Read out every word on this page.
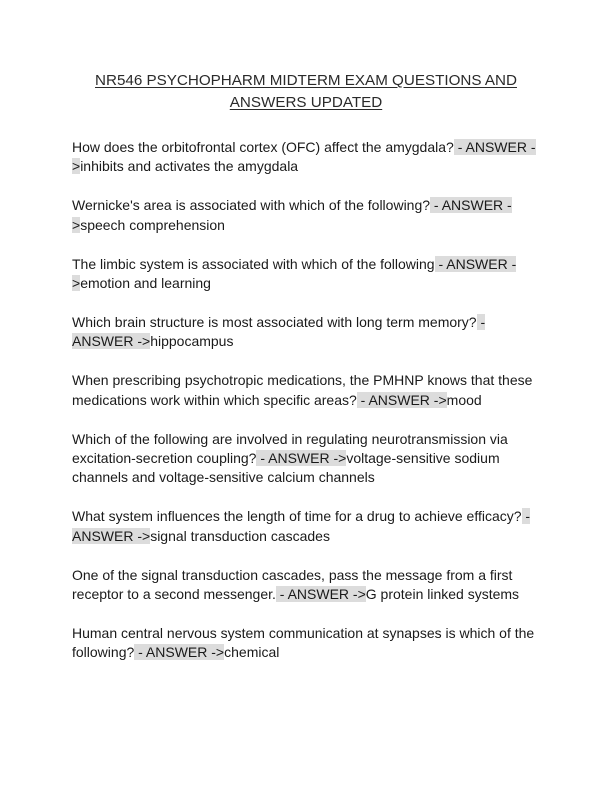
NR546 PSYCHOPHARM MIDTERM EXAM QUESTIONS AND ANSWERS UPDATED
How does the orbitofrontal cortex (OFC) affect the amygdala? - ANSWER ->inhibits and activates the amygdala
Wernicke's area is associated with which of the following? - ANSWER ->speech comprehension
The limbic system is associated with which of the following - ANSWER ->emotion and learning
Which brain structure is most associated with long term memory? - ANSWER ->hippocampus
When prescribing psychotropic medications, the PMHNP knows that these medications work within which specific areas? - ANSWER ->mood
Which of the following are involved in regulating neurotransmission via excitation-secretion coupling? - ANSWER ->voltage-sensitive sodium channels and voltage-sensitive calcium channels
What system influences the length of time for a drug to achieve efficacy? - ANSWER ->signal transduction cascades
One of the signal transduction cascades, pass the message from a first receptor to a second messenger. - ANSWER ->G protein linked systems
Human central nervous system communication at synapses is which of the following? - ANSWER ->chemical
